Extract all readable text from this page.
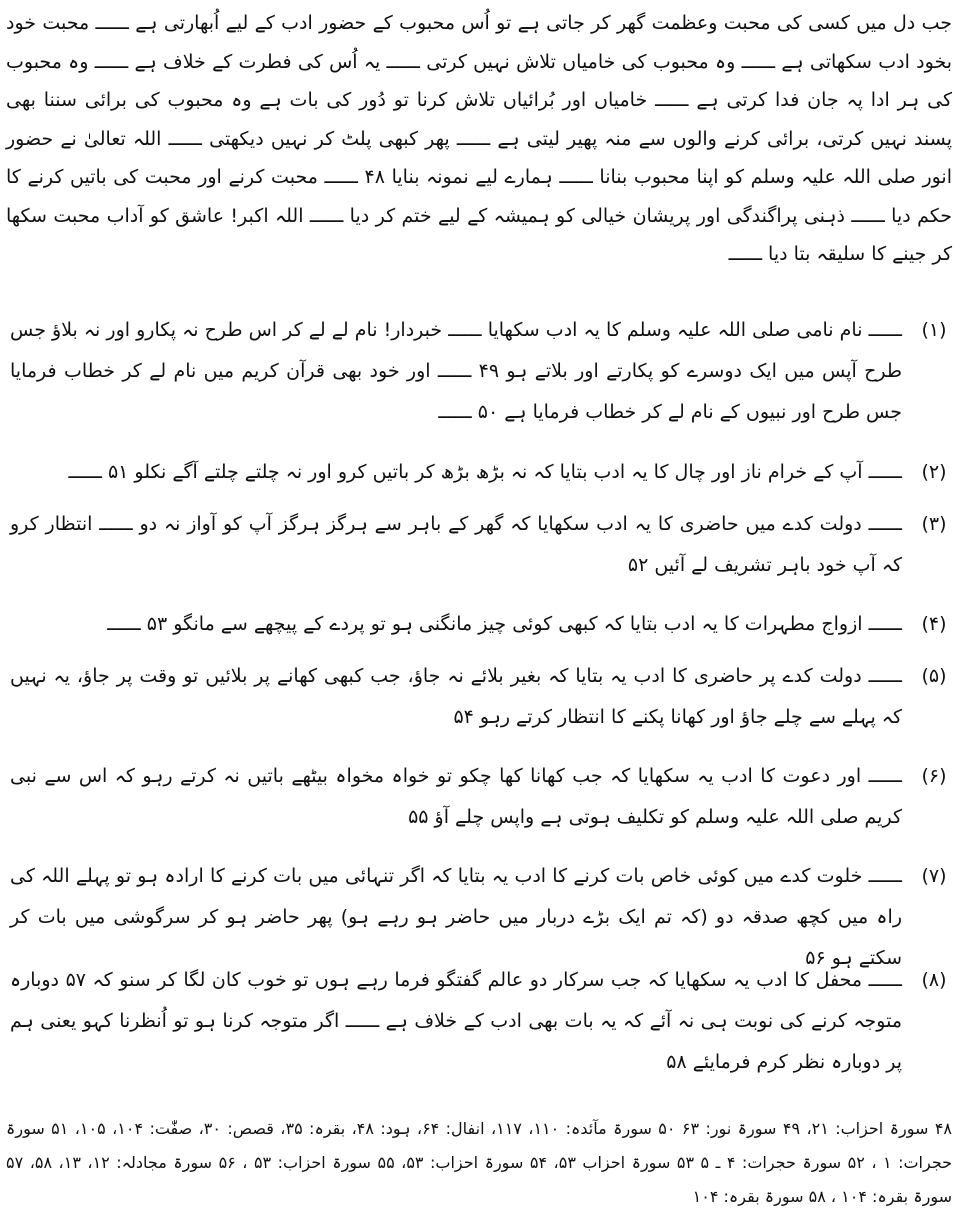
جب دل میں کسی کی محبت وعظمت گھر کر جاتی ہے تو اُس محبوب کے حضور ادب کے لیے اُبھارتی ہے ــــــ محبت خود بخود ادب سکھاتی ہے ــــــ وہ محبوب کی خامیاں تلاش نہیں کرتی ــــــ یہ اُس کی فطرت کے خلاف ہے ــــــ وہ محبوب کی ہر ادا پہ جان فدا کرتی ہے ــــــ خامیاں اور بُرائیاں تلاش کرنا تو دُور کی بات ہے وہ محبوب کی برائی سننا بھی پسند نہیں کرتی، برائی کرنے والوں سے منہ پھیر لیتی ہے ــــــ پھر کبھی پلٹ کر نہیں دیکھتی ــــــ اللہ تعالیٰ نے حضور انور صلی اللہ علیہ وسلم کو اپنا محبوب بنانا ــــــ ہمارے لیے نمونہ بنایا ۴۸ ــــــ محبت کرنے اور محبت کی باتیں کرنے کا حکم دیا ــــــ ذہنی پراگندگی اور پریشان خیالی کو ہمیشہ کے لیے ختم کر دیا ــــــ اللہ اکبر! عاشق کو آداب محبت سکھا کر جینے کا سلیقہ بتا دیا ــــــ
(۱)
ــــــ نام نامی صلی اللہ علیہ وسلم کا یہ ادب سکھایا ــــــ خبردار! نام لے لے کر اس طرح نہ پکارو اور نہ بلاؤ جس طرح آپس میں ایک دوسرے کو پکارتے اور بلاتے ہو ۴۹ ــــــ اور خود بھی قرآن کریم میں نام لے کر خطاب فرمایا جس طرح اور نبیوں کے نام لے کر خطاب فرمایا ہے ۵۰ ــــــ
(۲)
ــــــ آپ کے خرام ناز اور چال کا یہ ادب بتایا کہ نہ بڑھ بڑھ کر باتیں کرو اور نہ چلتے چلتے آگے نکلو ۵۱ ــــــ
(۳)
ــــــ دولت کدے میں حاضری کا یہ ادب سکھایا کہ گھر کے باہر سے ہرگز ہرگز آپ کو آواز نہ دو ــــــ انتظار کرو کہ آپ خود باہر تشریف لے آئیں ۵۲
(۴)
ــــــ ازواج مطہرات کا یہ ادب بتایا کہ کبھی کوئی چیز مانگنی ہو تو پردے کے پیچھے سے مانگو ۵۳ ــــــ
(۵)
ــــــ دولت کدے پر حاضری کا ادب یہ بتایا کہ بغیر بلائے نہ جاؤ، جب کبھی کھانے پر بلائیں تو وقت پر جاؤ، یہ نہیں کہ پہلے سے چلے جاؤ اور کھانا پکنے کا انتظار کرتے رہو ۵۴
(۶)
ــــــ اور دعوت کا ادب یہ سکھایا کہ جب کھانا کھا چکو تو خواہ مخواہ بیٹھے باتیں نہ کرتے رہو کہ اس سے نبی کریم صلی اللہ علیہ وسلم کو تکلیف ہوتی ہے واپس چلے آؤ ۵۵
(۷)
ــــــ خلوت کدے میں کوئی خاص بات کرنے کا ادب یہ بتایا کہ اگر تنہائی میں بات کرنے کا ارادہ ہو تو پہلے اللہ کی راہ میں کچھ صدقہ دو (کہ تم ایک بڑے دربار میں حاضر ہو رہے ہو) پھر حاضر ہو کر سرگوشی میں بات کر سکتے ہو ۵۶
(۸)
ــــــ محفل کا ادب یہ سکھایا کہ جب سرکار دو عالم گفتگو فرما رہے ہوں تو خوب کان لگا کر سنو کہ ۵۷ دوبارہ متوجہ کرنے کی نوبت ہی نہ آئے کہ یہ بات بھی ادب کے خلاف ہے ــــــ اگر متوجہ کرنا ہو تو اُنظرنا کہو یعنی ہم پر دوبارہ نظر کرم فرمایئے ۵۸
۴۸ سورۃ احزاب: ۲۱، ۴۹ سورۃ نور: ۶۳ ۵۰ سورۃ مآئدہ: ۱۱۰، ۱۱۷، انفال: ۶۴، ہود: ۴۸، بقرہ: ۳۵، قصص: ۳۰، صفّٰت: ۱۰۴، ۱۰۵، ۵۱ سورۃ حجرات: ۱ ، ۵۲ سورۃ حجرات: ۴ ـ ۵ ۵۳ سورۃ احزاب ۵۳، ۵۴ سورۃ احزاب: ۵۳، ۵۵ سورۃ احزاب: ۵۳ ، ۵۶ سورۃ مجادلہ: ۱۲، ۱۳، ۵۸، ۵۷ سورۃ بقرہ: ۱۰۴ ، ۵۸ سورۃ بقرہ: ۱۰۴
